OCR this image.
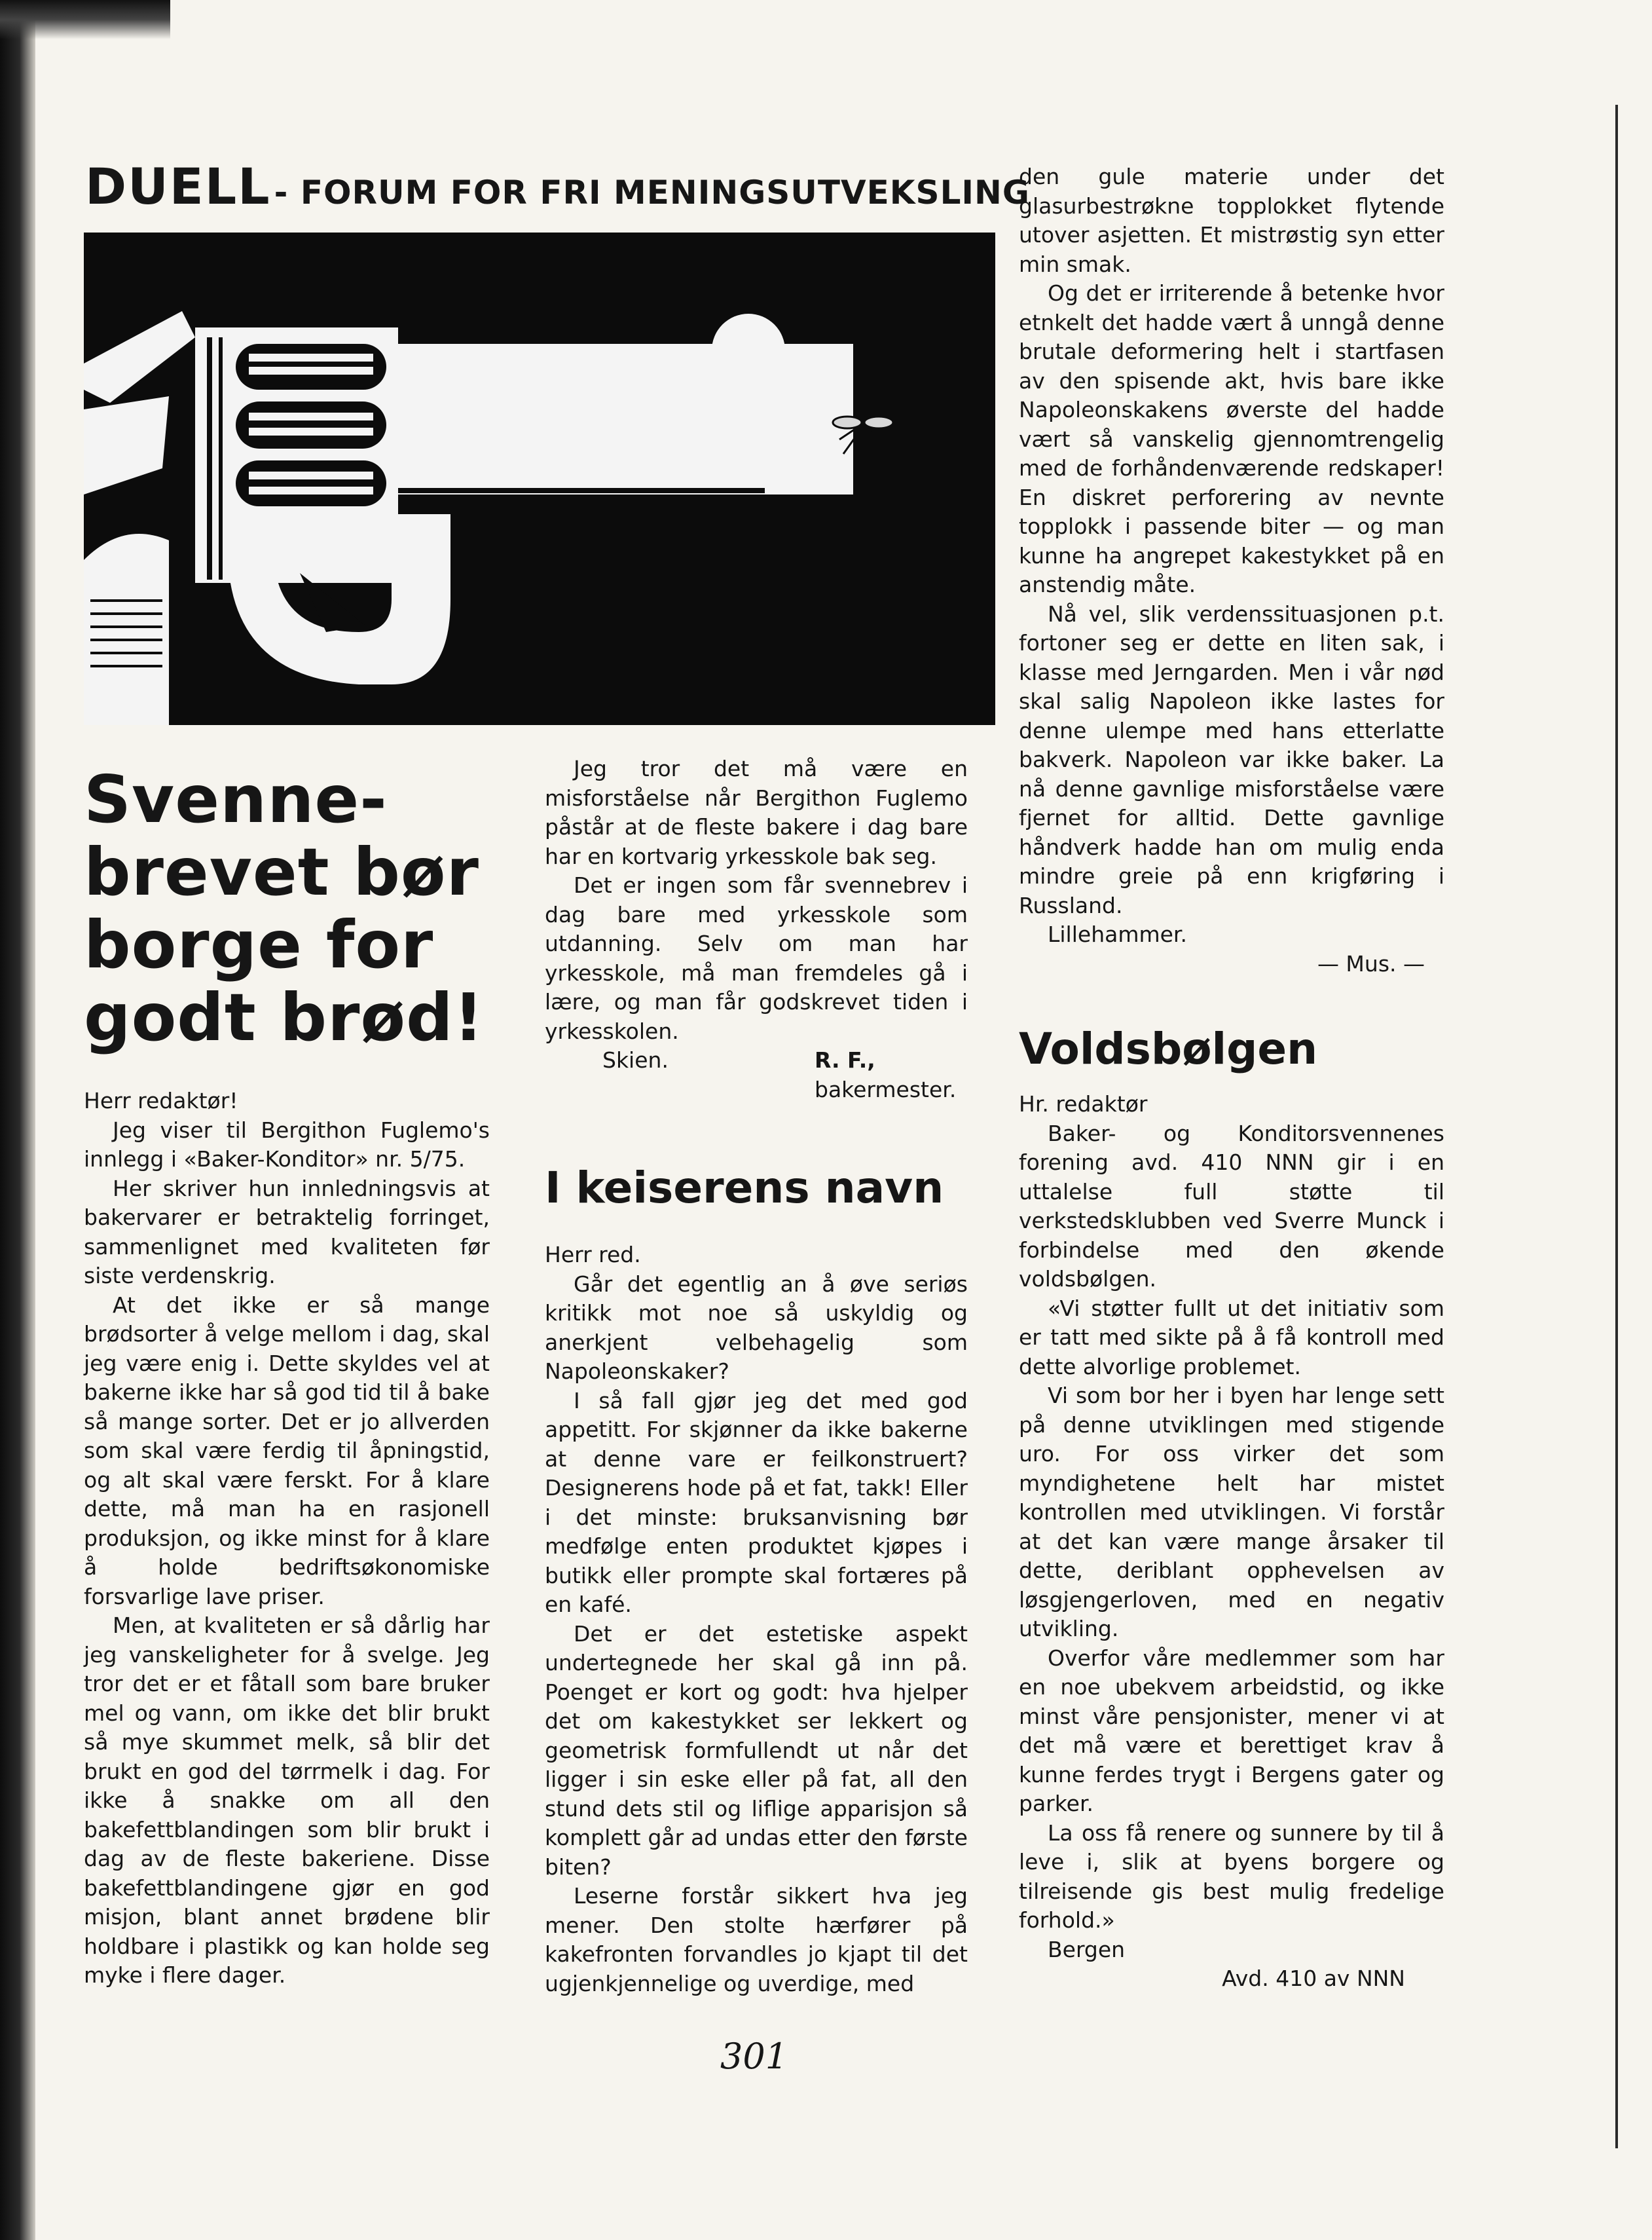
DUELL - FORUM FOR FRI MENINGSUTVEKSLING
Svenne-
brevet bør
borge for
godt brød!

Herr redaktør!

Jeg viser til Bergithon Fuglemo's innlegg i «Baker-Konditor» nr. 5/75.

Her skriver hun innledningsvis at bakervarer er betraktelig forringet, sammenlignet med kvaliteten før siste verdenskrig.

At det ikke er så mange brødsorter å velge mellom i dag, skal jeg være enig i. Dette skyldes vel at bakerne ikke har så god tid til å bake så mange sorter. Det er jo allverden som skal være ferdig til åpningstid, og alt skal være ferskt. For å klare dette, må man ha en rasjonell produksjon, og ikke minst for å klare å holde bedriftsøkonomiske forsvarlige lave priser.

Men, at kvaliteten er så dårlig har jeg vanskeligheter for å svelge. Jeg tror det er et fåtall som bare bruker mel og vann, om ikke det blir brukt så mye skummet melk, så blir det brukt en god del tørrmelk i dag. For ikke å snakke om all den bakefettblandingen som blir brukt i dag av de fleste bakeriene. Disse bakefettblandingene gjør en god misjon, blant annet brødene blir holdbare i plastikk og kan holde seg myke i flere dager.

Jeg tror det må være en misforståelse når Bergithon Fuglemo påstår at de fleste bakere i dag bare har en kortvarig yrkesskole bak seg.

Det er ingen som får svennebrev i dag bare med yrkesskole som utdanning. Selv om man har yrkesskole, må man fremdeles gå i lære, og man får godskrevet tiden i yrkesskolen.

Skien.	R. F.,
bakermester.
I keiserens navn

Herr red.

Går det egentlig an å øve seriøs kritikk mot noe så uskyldig og anerkjent velbehagelig som Napoleonskaker?

I så fall gjør jeg det med god appetitt. For skjønner da ikke bakerne at denne vare er feilkonstruert? Designerens hode på et fat, takk! Eller i det minste: bruksanvisning bør medfølge enten produktet kjøpes i butikk eller prompte skal fortæres på en kafé.

Det er det estetiske aspekt undertegnede her skal gå inn på. Poenget er kort og godt: hva hjelper det om kakestykket ser lekkert og geometrisk formfullendt ut når det ligger i sin eske eller på fat, all den stund dets stil og liflige apparisjon så komplett går ad undas etter den første biten?

Leserne forstår sikkert hva jeg mener. Den stolte hærfører på kakefronten forvandles jo kjapt til det ugjenkjennelige og uverdige, med

den gule materie under det glasurbestrøkne topplokket flytende utover asjetten. Et mistrøstig syn etter min smak.

Og det er irriterende å betenke hvor etnkelt det hadde vært å unngå denne brutale deformering helt i startfasen av den spisende akt, hvis bare ikke Napoleonskakens øverste del hadde vært så vanskelig gjennomtrengelig med de forhåndenværende redskaper! En diskret perforering av nevnte topplokk i passende biter — og man kunne ha angrepet kakestykket på en anstendig måte.

Nå vel, slik verdenssituasjonen p.t. fortoner seg er dette en liten sak, i klasse med Jerngarden. Men i vår nød skal salig Napoleon ikke lastes for denne ulempe med hans etterlatte bakverk. Napoleon var ikke baker. La nå denne gavnlige misforståelse være fjernet for alltid. Dette gavnlige håndverk hadde han om mulig enda mindre greie på enn krigføring i Russland.

Lillehammer.

— Mus. —

Voldsbølgen

Hr. redaktør

Baker- og Konditorsvennenes forening avd. 410 NNN gir i en uttalelse full støtte til verkstedsklubben ved Sverre Munck i forbindelse med den økende voldsbølgen.

«Vi støtter fullt ut det initiativ som er tatt med sikte på å få kontroll med dette alvorlige problemet.

Vi som bor her i byen har lenge sett på denne utviklingen med stigende uro. For oss virker det som myndighetene helt har mistet kontrollen med utviklingen. Vi forstår at det kan være mange årsaker til dette, deriblant opphevelsen av løsgjengerloven, med en negativ utvikling.

Overfor våre medlemmer som har en noe ubekvem arbeidstid, og ikke minst våre pensjonister, mener vi at det må være et berettiget krav å kunne ferdes trygt i Bergens gater og parker.

La oss få renere og sunnere by til å leve i, slik at byens borgere og tilreisende gis best mulig fredelige forhold.»

Bergen

Avd. 410 av NNN

301
